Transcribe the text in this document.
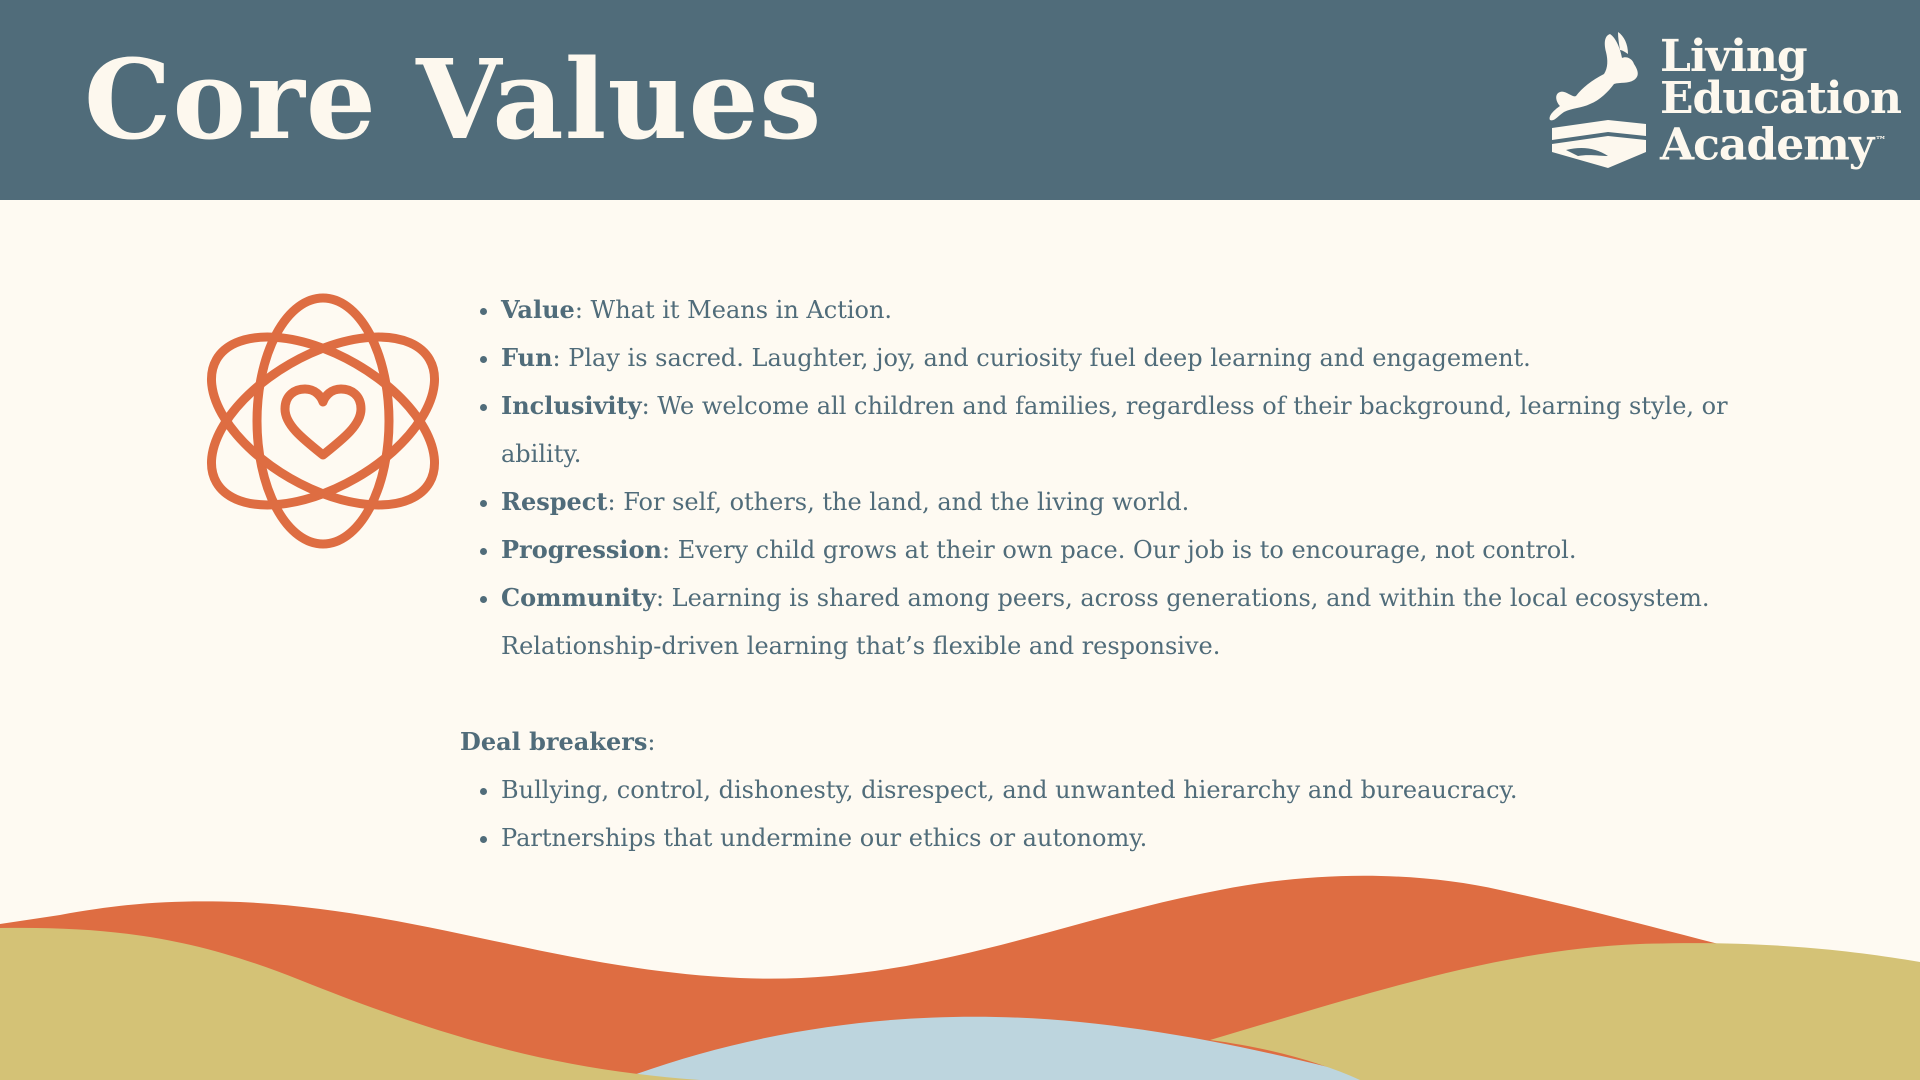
Core Values	Living
Education
Academy ™
• Value: What it Means in Action.
• Fun: Play is sacred. Laughter, joy, and curiosity fuel deep learning and engagement.
• Inclusivity: We welcome all children and families, regardless of their background, learning style, or ability.
• Respect: For self, others, the land, and the living world.
• Progression: Every child grows at their own pace. Our job is to encourage, not control.
• Community: Learning is shared among peers, across generations, and within the local ecosystem. Relationship-driven learning that’s flexible and responsive.

Deal breakers:

• Bullying, control, dishonesty, disrespect, and unwanted hierarchy and bureaucracy.
• Partnerships that undermine our ethics or autonomy.
